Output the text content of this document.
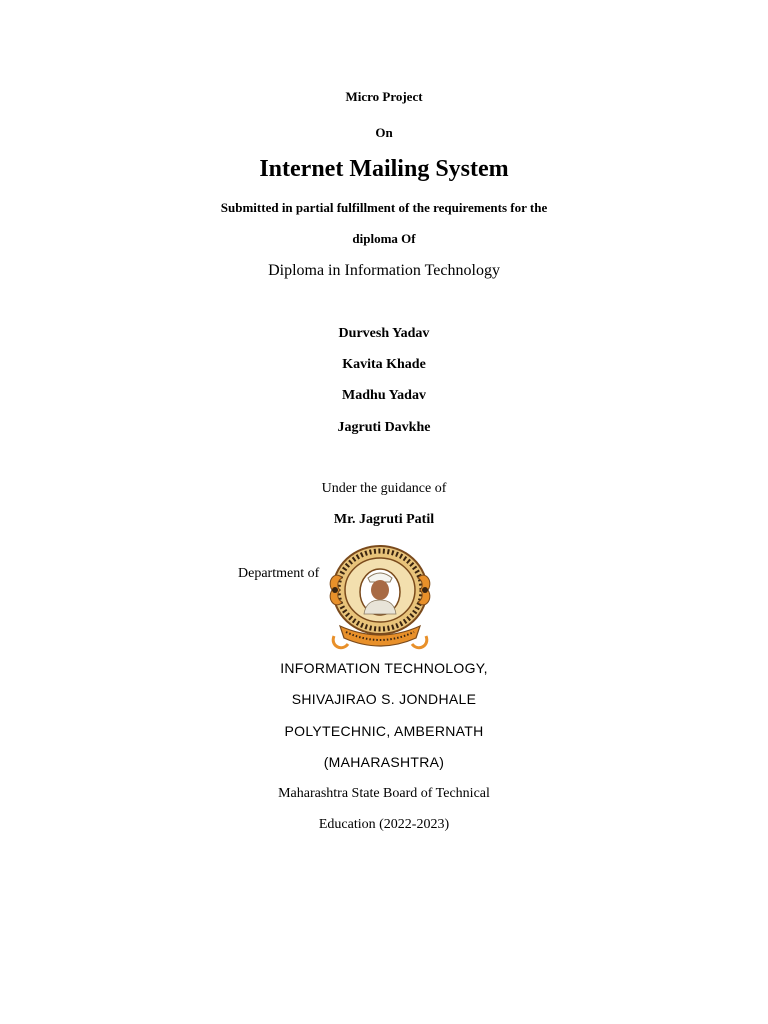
Micro Project
On
Internet Mailing System
Submitted in partial fulfillment of the requirements for the
diploma Of
Diploma in Information Technology
Durvesh Yadav
Kavita Khade
Madhu Yadav
Jagruti Davkhe
Under the guidance of
Mr. Jagruti Patil
Department of
INFORMATION TECHNOLOGY,
SHIVAJIRAO S. JONDHALE
POLYTECHNIC, AMBERNATH
(MAHARASHTRA)
Maharashtra State Board of Technical
Education (2022-2023)
